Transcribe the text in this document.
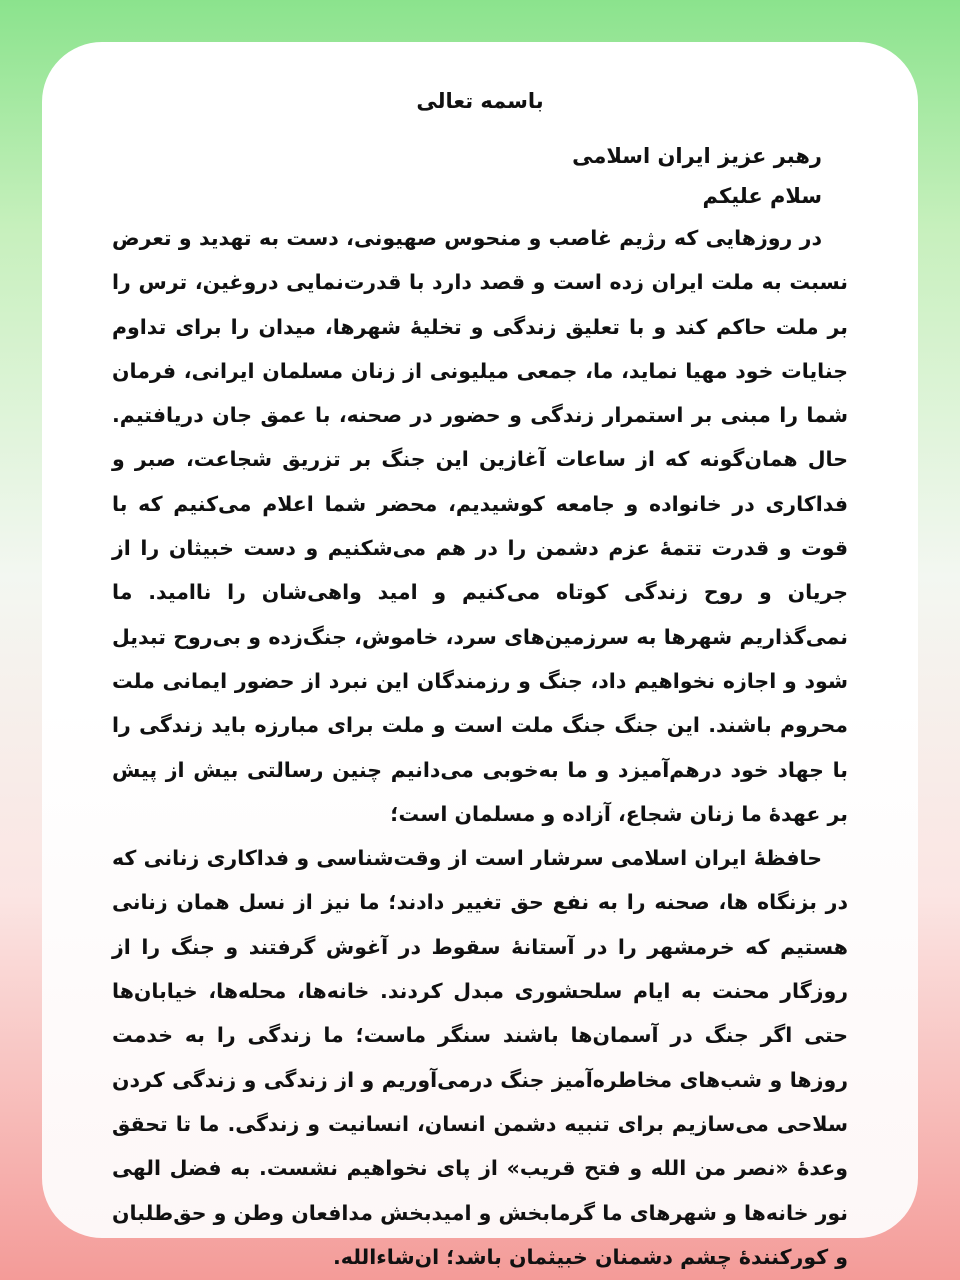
باسمه تعالی
رهبر عزیز ایران اسلامی
سلام علیکم

در روزهایی که رژیم غاصب و منحوس صهیونی، دست به تهدید و تعرض نسبت به ملت ایران زده است و قصد دارد با قدرت‌نمایی دروغین، ترس را بر ملت حاکم کند و با تعلیق زندگی و تخلیهٔ شهرها، میدان را برای تداوم جنایات خود مهیا نماید، ما، جمعی میلیونی از زنان مسلمان ایرانی، فرمان شما را مبنی بر استمرار زندگی و حضور در صحنه، با عمق جان دریافتیم. حال همان‌گونه که از ساعات آغازین این جنگ بر تزریق شجاعت، صبر و فداکاری در خانواده و جامعه کوشیدیم، محضر شما اعلام می‌کنیم که با قوت و قدرت تتمهٔ عزم دشمن را در هم می‌شکنیم و دست خبیثان را از جریان و روح زندگی کوتاه می‌کنیم و امید واهی‌شان را ناامید. ما نمی‌گذاریم شهرها به سرزمین‌های سرد، خاموش، جنگ‌زده و بی‌روح تبدیل شود و اجازه نخواهیم داد، جنگ و رزمندگان این نبرد از حضور ایمانی ملت محروم باشند. این جنگ جنگ ملت است و ملت برای مبارزه باید زندگی را با جهاد خود درهم‌آمیزد و ما به‌خوبی می‌دانیم چنین رسالتی بیش از پیش بر عهدهٔ ما زنان شجاع، آزاده و مسلمان است؛

حافظهٔ ایران اسلامی سرشار است از وقت‌شناسی و فداکاری زنانی که در بزنگاه ها، صحنه را به نفع حق تغییر دادند؛ ما نیز از نسل همان زنانی هستیم که خرمشهر را در آستانهٔ سقوط در آغوش گرفتند و جنگ را از روزگار محنت به ایام سلحشوری مبدل کردند. خانه‌ها، محله‌ها، خیابان‌ها حتی اگر جنگ در آسمان‌ها باشند سنگر ماست؛ ما زندگی را به خدمت روزها و شب‌های مخاطره‌آمیز جنگ درمی‌آوریم و از زندگی و زندگی کردن سلاحی می‌سازیم برای تنبیه دشمن انسان، انسانیت و زندگی. ما تا تحقق وعدهٔ «نصر من الله و فتح قریب» از پای نخواهیم نشست. به فضل الهی نور خانه‌ها و شهرهای ما گرمابخش و امیدبخش مدافعان وطن و حق‌طلبان و کورکنندهٔ چشم دشمنان خبیثمان باشد؛ ان‌شاءالله.
